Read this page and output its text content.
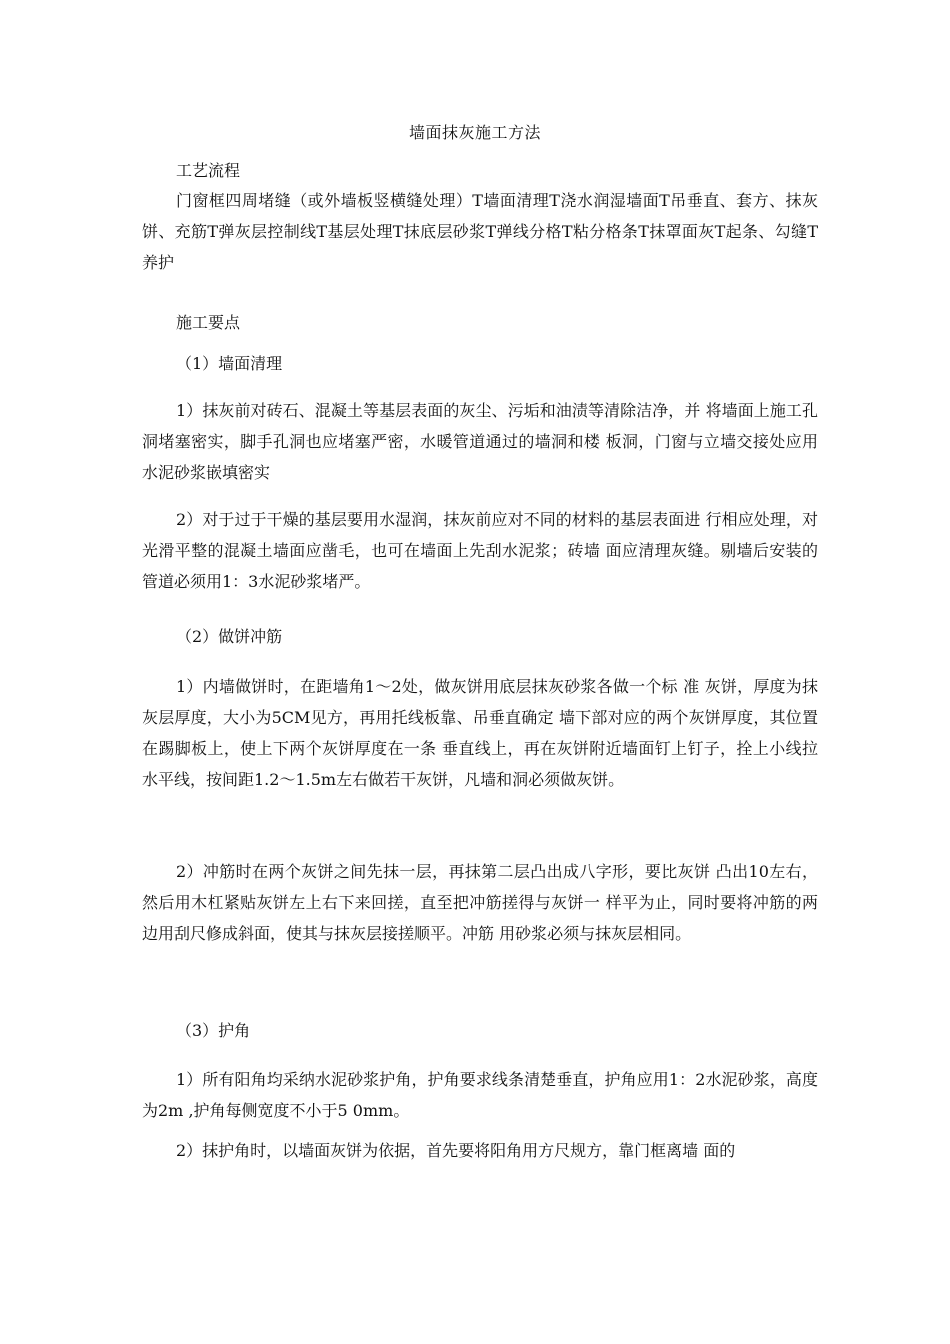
墙面抹灰施工方法
工艺流程

门窗框四周堵缝（或外墙板竖横缝处理）T墙面清理T浇水润湿墙面T吊垂直、套方、抹灰饼、充筋T弹灰层控制线T基层处理T抹底层砂浆T弹线分格T粘分格条T抹罩面灰T起条、勾缝T养护

施工要点
（1）墙面清理

1）抹灰前对砖石、混凝土等基层表面的灰尘、污垢和油渍等清除洁净，并 将墙面上施工孔洞堵塞密实，脚手孔洞也应堵塞严密，水暖管道通过的墙洞和楼 板洞，门窗与立墙交接处应用水泥砂浆嵌填密实

2）对于过于干燥的基层要用水湿润，抹灰前应对不同的材料的基层表面进 行相应处理，对光滑平整的混凝土墙面应凿毛，也可在墙面上先刮水泥浆；砖墙 面应清理灰缝。剔墙后安装的管道必须用1：3水泥砂浆堵严。

（2）做饼冲筋

1）内墙做饼时，在距墙角1〜2处，做灰饼用底层抹灰砂浆各做一个标 准 灰饼，厚度为抹灰层厚度，大小为5CM见方，再用托线板靠、吊垂直确定 墙下部对应的两个灰饼厚度，其位置在踢脚板上，使上下两个灰饼厚度在一条 垂直线上，再在灰饼附近墙面钉上钉子，拴上小线拉水平线，按间距1.2〜1.5m左右做若干灰饼，凡墙和洞必须做灰饼。

2）冲筋时在两个灰饼之间先抹一层，再抹第二层凸出成八字形，要比灰饼 凸出10左右，然后用木杠紧贴灰饼左上右下来回搓，直至把冲筋搓得与灰饼一 样平为止，同时要将冲筋的两边用刮尺修成斜面，使其与抹灰层接搓顺平。冲筋 用砂浆必须与抹灰层相同。

（3）护角

1）所有阳角均采纳水泥砂浆护角，护角要求线条清楚垂直，护角应用1：2水泥砂浆，高度为2m ,护角每侧宽度不小于5 0mm。

2）抹护角时，以墙面灰饼为依据，首先要将阳角用方尺规方，靠门框离墙 面的
